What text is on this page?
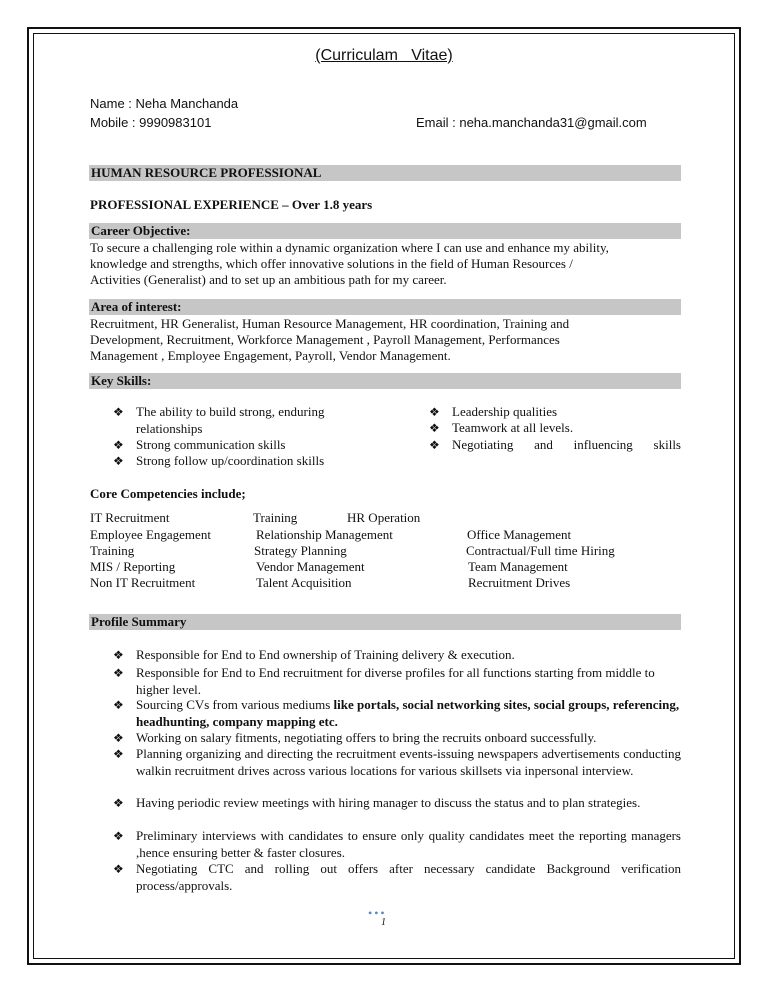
(Curriculam   Vitae)
Name : Neha Manchanda
Mobile : 9990983101	Email : neha.manchanda31@gmail.com
HUMAN RESOURCE PROFESSIONAL
PROFESSIONAL EXPERIENCE – Over 1.8 years
Career Objective:
To secure a challenging role within a dynamic organization where I can use and enhance my ability,
knowledge and strengths, which offer innovative solutions in the field of Human Resources /
Activities (Generalist) and to set up an ambitious path for my career.
Area of interest:
Recruitment, HR Generalist, Human Resource Management, HR coordination, Training and
Development, Recruitment, Workforce Management , Payroll Management, Performances
Management , Employee Engagement, Payroll, Vendor Management.
Key Skills:
❖ The ability to build strong, enduring relationships
❖ Strong communication skills
❖ Strong follow up/coordination skills
❖ Leadership qualities
❖ Teamwork at all levels.
❖ Negotiating and influencing skills
Core Competencies include;
IT Recruitment
Employee Engagement
Training
MIS / Reporting
Non IT Recruitment
Training	HR Operation
Relationship Management
Strategy Planning
Vendor Management
Talent Acquisition
Office Management
Contractual/Full time Hiring
Team Management
Recruitment Drives
Profile Summary
❖ Responsible for End to End ownership of Training delivery & execution.
❖ Responsible for End to End recruitment for diverse profiles for all functions starting from middle to higher level.
❖ Sourcing CVs from various mediums like portals, social networking sites, social groups, referencing, headhunting, company mapping etc.
❖ Working on salary fitments, negotiating offers to bring the recruits onboard successfully.
❖ Planning organizing and directing the recruitment events-issuing newspapers advertisements conducting walkin recruitment drives across various locations for various skillsets via inpersonal interview.
❖ Having periodic review meetings with hiring manager to discuss the status and to plan strategies.
❖ Preliminary interviews with candidates to ensure only quality candidates meet the reporting managers ,hence ensuring better & faster closures.
❖ Negotiating CTC and rolling out offers after necessary candidate Background verification process/approvals.
•••
1
